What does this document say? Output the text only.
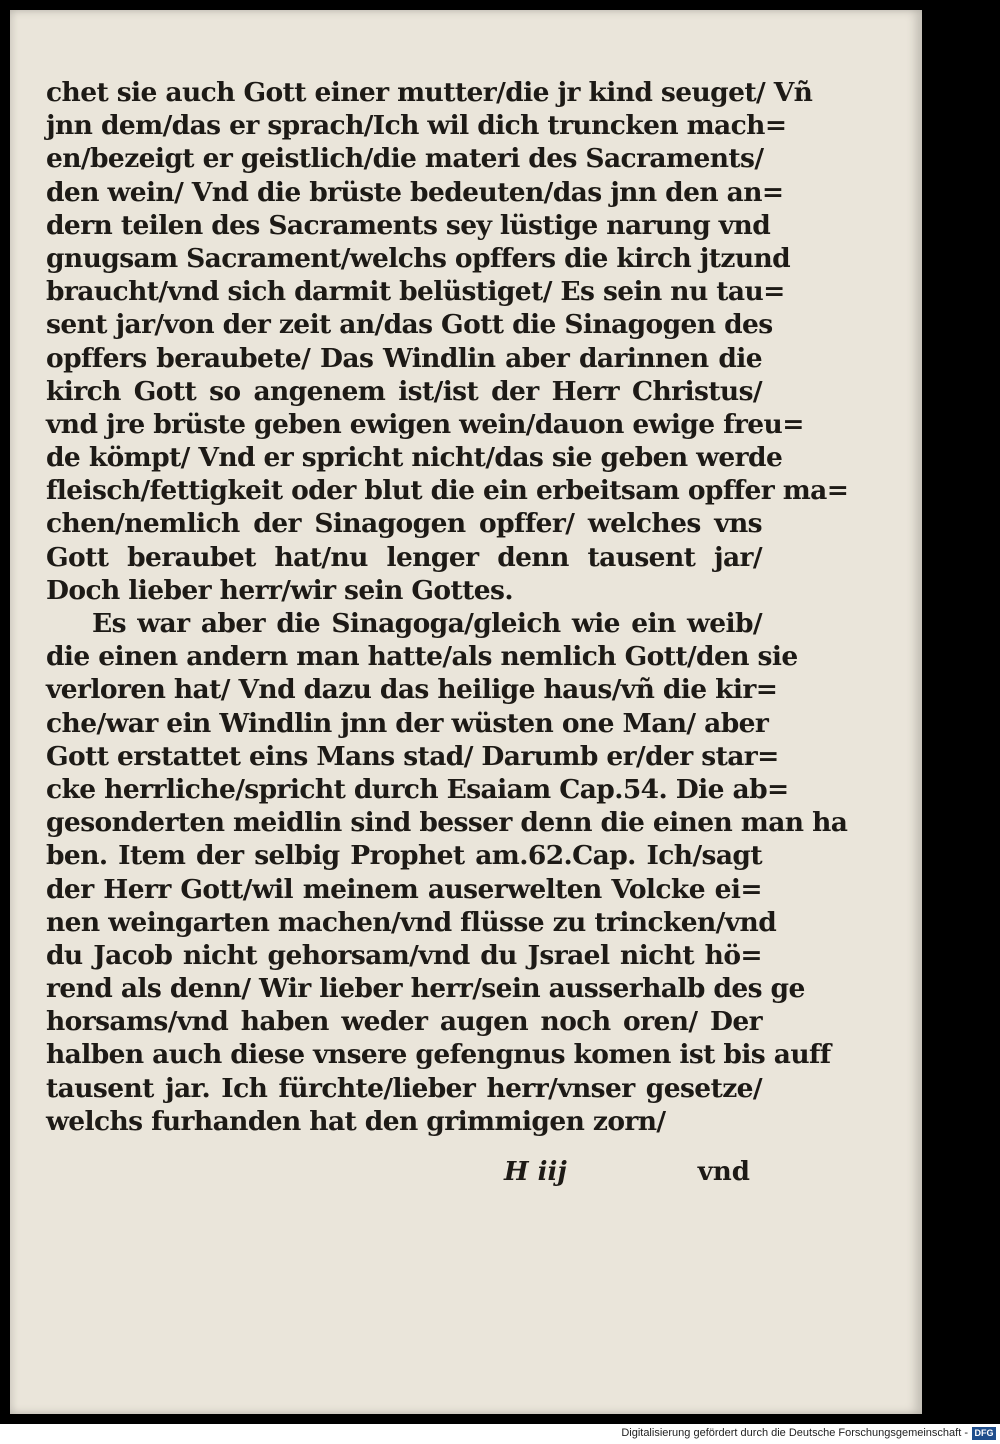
chet sie auch Gott einer mutter/die jr kind seuget/ Vñ
jnn dem/das er sprach/Ich wil dich truncken mach=
en/bezeigt er geistlich/die materi des Sacraments/
den wein/ Vnd die brüste bedeuten/das jnn den an=
dern teilen des Sacraments sey lüstige narung vnd
gnugsam Sacrament/welchs opffers die kirch jtzund
braucht/vnd sich darmit belüstiget/ Es sein nu tau=
sent jar/von der zeit an/das Gott die Sinagogen des
opffers beraubete/ Das Windlin aber darinnen die
kirch Gott so angenem ist/ist der Herr Christus/
vnd jre brüste geben ewigen wein/dauon ewige freu=
de kömpt/ Vnd er spricht nicht/das sie geben werde
fleisch/fettigkeit oder blut die ein erbeitsam opffer ma=
chen/nemlich der Sinagogen opffer/ welches vns
Gott beraubet hat/nu lenger denn tausent jar/
Doch lieber herr/wir sein Gottes.
Es war aber die Sinagoga/gleich wie ein weib/
die einen andern man hatte/als nemlich Gott/den sie
verloren hat/ Vnd dazu das heilige haus/vñ die kir=
che/war ein Windlin jnn der wüsten one Man/ aber
Gott erstattet eins Mans stad/ Darumb er/der star=
cke herrliche/spricht durch Esaiam Cap.54. Die ab=
gesonderten meidlin sind besser denn die einen man ha
ben. Item der selbig Prophet am.62.Cap. Ich/sagt
der Herr Gott/wil meinem auserwelten Volcke ei=
nen weingarten machen/vnd flüsse zu trincken/vnd
du Jacob nicht gehorsam/vnd du Jsrael nicht hö=
rend als denn/ Wir lieber herr/sein ausserhalb des ge
horsams/vnd haben weder augen noch oren/ Der
halben auch diese vnsere gefengnus komen ist bis auff
tausent jar. Ich fürchte/lieber herr/vnser gesetze/
welchs furhanden hat den grimmigen zorn/
H iij	vnd
Digitalisierung gefördert durch die Deutsche Forschungsgemeinschaft - DFG
